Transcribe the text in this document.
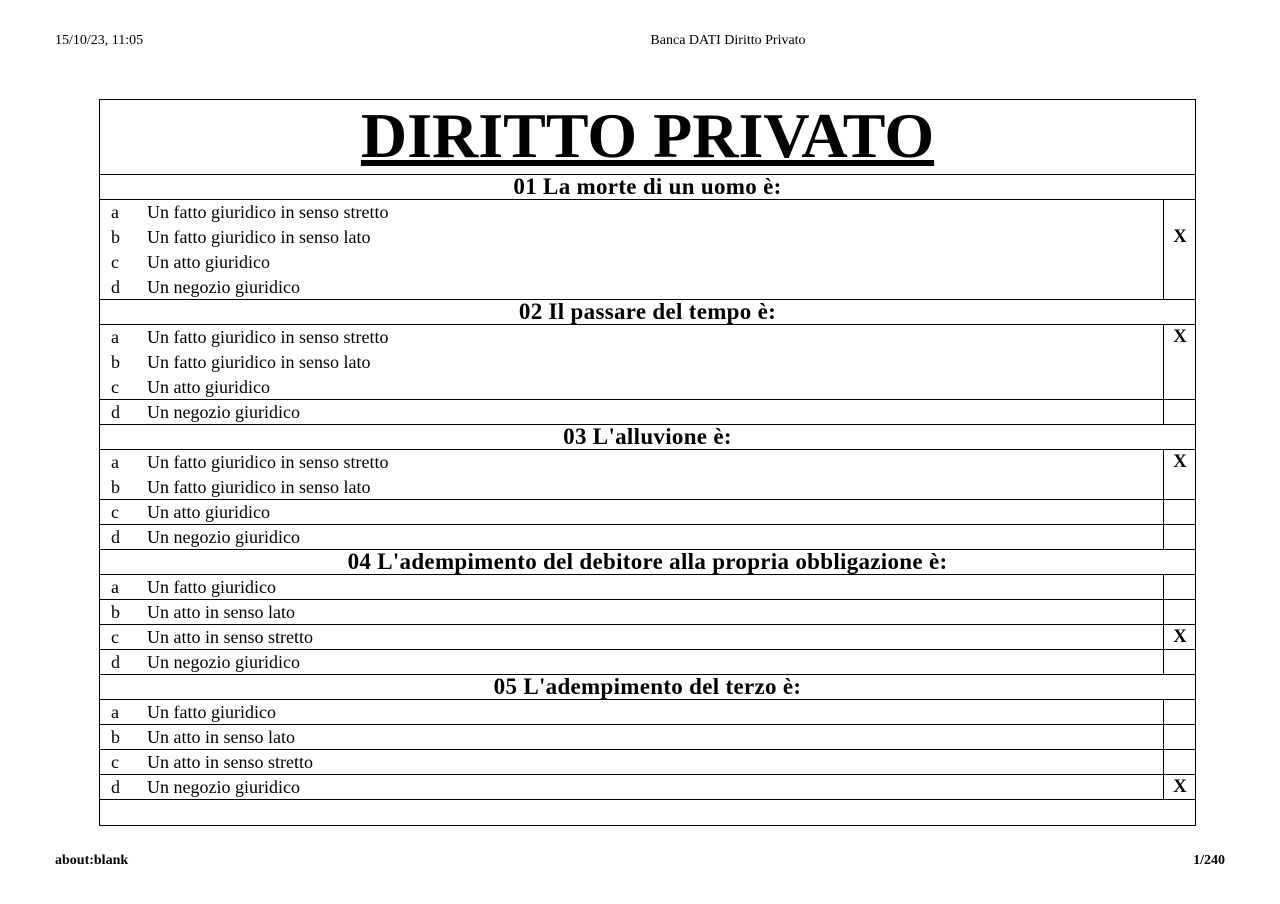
15/10/23, 11:05	Banca DATI Diritto Privato
DIRITTO PRIVATO
01 La morte di un uomo è:
a	Un fatto giuridico in senso stretto
b	Un fatto giuridico in senso lato	X
c	Un atto giuridico
d	Un negozio giuridico
02 Il passare del tempo è:
a	Un fatto giuridico in senso stretto	X
b	Un fatto giuridico in senso lato
c	Un atto giuridico
d	Un negozio giuridico
03 L'alluvione è:
a	Un fatto giuridico in senso stretto	X
b	Un fatto giuridico in senso lato
c	Un atto giuridico
d	Un negozio giuridico
04 L'adempimento del debitore alla propria obbligazione è:
a	Un fatto giuridico
b	Un atto in senso lato
c	Un atto in senso stretto	X
d	Un negozio giuridico
05 L'adempimento del terzo è:
a	Un fatto giuridico
b	Un atto in senso lato
c	Un atto in senso stretto
d	Un negozio giuridico	X
about:blank	1/240
